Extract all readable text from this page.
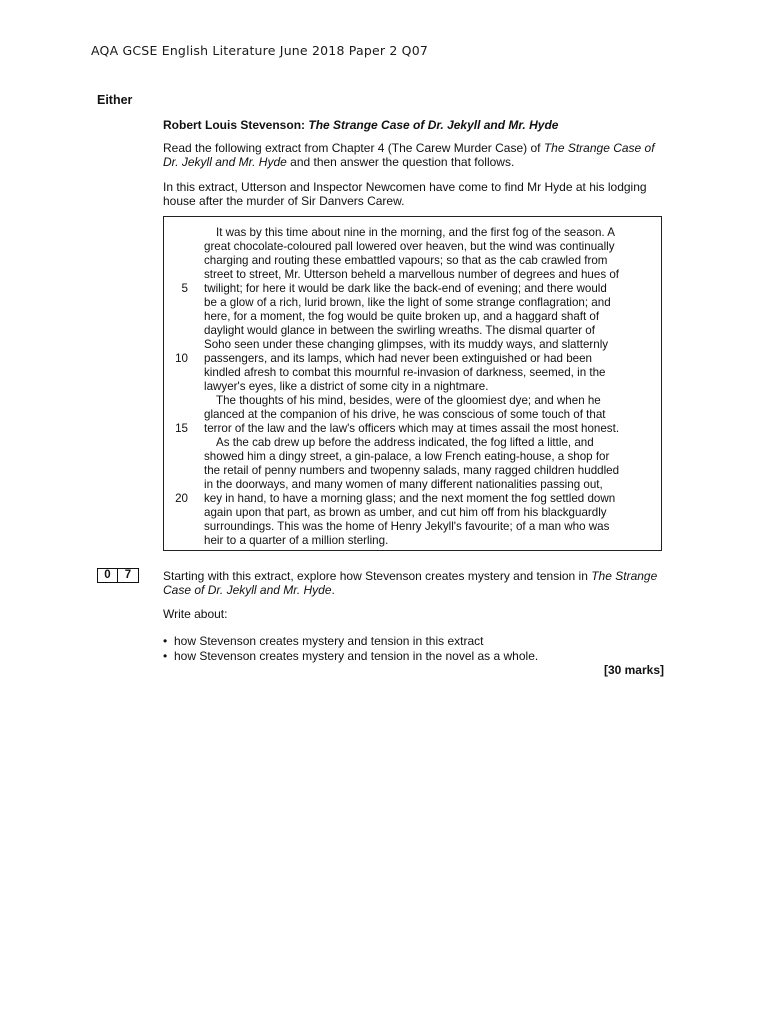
AQA GCSE English Literature June 2018 Paper 2 Q07
Either

Robert Louis Stevenson: The Strange Case of Dr. Jekyll and Mr. Hyde

Read the following extract from Chapter 4 (The Carew Murder Case) of The Strange Case of Dr. Jekyll and Mr. Hyde and then answer the question that follows.

In this extract, Utterson and Inspector Newcomen have come to find Mr Hyde at his lodging house after the murder of Sir Danvers Carew.

It was by this time about nine in the morning, and the first fog of the season. A
great chocolate-coloured pall lowered over heaven, but the wind was continually
charging and routing these embattled vapours; so that as the cab crawled from
street to street, Mr. Utterson beheld a marvellous number of degrees and hues of
twilight; for here it would be dark like the back-end of evening; and there would
5
be a glow of a rich, lurid brown, like the light of some strange conflagration; and
here, for a moment, the fog would be quite broken up, and a haggard shaft of
daylight would glance in between the swirling wreaths. The dismal quarter of
Soho seen under these changing glimpses, with its muddy ways, and slatternly
passengers, and its lamps, which had never been extinguished or had been
10
kindled afresh to combat this mournful re-invasion of darkness, seemed, in the
lawyer's eyes, like a district of some city in a nightmare.
The thoughts of his mind, besides, were of the gloomiest dye; and when he
glanced at the companion of his drive, he was conscious of some touch of that
terror of the law and the law's officers which may at times assail the most honest.
15
As the cab drew up before the address indicated, the fog lifted a little, and
showed him a dingy street, a gin-palace, a low French eating-house, a shop for
the retail of penny numbers and twopenny salads, many ragged children huddled
in the doorways, and many women of many different nationalities passing out,
key in hand, to have a morning glass; and the next moment the fog settled down
20
again upon that part, as brown as umber, and cut him off from his blackguardly
surroundings. This was the home of Henry Jekyll's favourite; of a man who was
heir to a quarter of a million sterling.
0	7	Starting with this extract, explore how Stevenson creates mystery and tension in The Strange Case of Dr. Jekyll and Mr. Hyde.
Write about:
• how Stevenson creates mystery and tension in this extract
• how Stevenson creates mystery and tension in the novel as a whole.
[30 marks]
